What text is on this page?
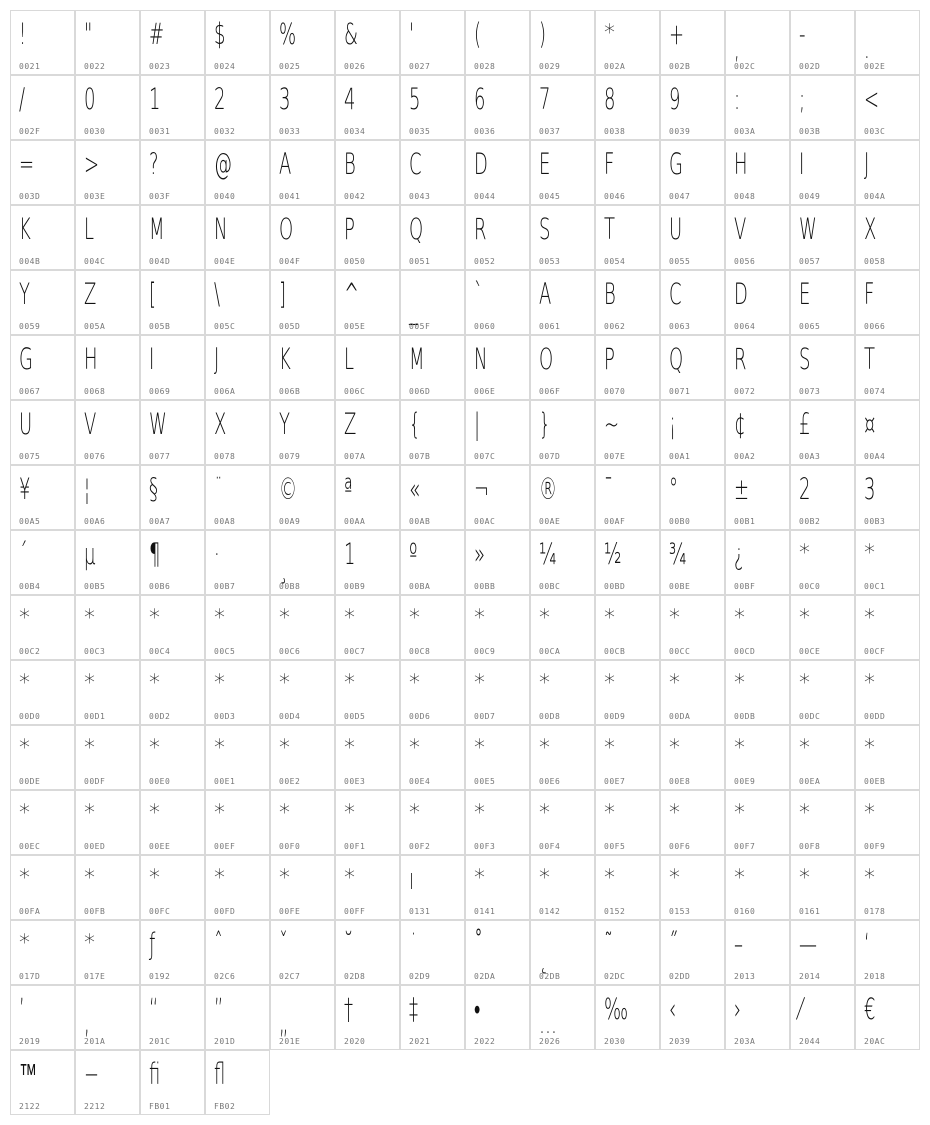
!
0021
"
0022
#
0023
$
0024
%
0025
&
0026
'
0027
(
0028
)
0029
*
002A
+
002B
,
002C
-
002D
.
002E
/
002F
0
0030
1
0031
2
0032
3
0033
4
0034
5
0035
6
0036
7
0037
8
0038
9
0039
:
003A
;
003B
<
003C
=
003D
>
003E
?
003F
@
0040
A
0041
B
0042
C
0043
D
0044
E
0045
F
0046
G
0047
H
0048
I
0049
J
004A
K
004B
L
004C
M
004D
N
004E
O
004F
P
0050
Q
0051
R
0052
S
0053
T
0054
U
0055
V
0056
W
0057
X
0058
Y
0059
Z
005A
[
005B
\
005C
]
005D
^
005E
_
005F
`
0060
A
0061
B
0062
C
0063
D
0064
E
0065
F
0066
G
0067
H
0068
I
0069
J
006A
K
006B
L
006C
M
006D
N
006E
O
006F
P
0070
Q
0071
R
0072
S
0073
T
0074
U
0075
V
0076
W
0077
X
0078
Y
0079
Z
007A
{
007B
|
007C
}
007D
~
007E
¡
00A1
¢
00A2
£
00A3
¤
00A4
¥
00A5
¦
00A6
§
00A7
¨
00A8
©
00A9
ª
00AA
«
00AB
¬
00AC
®
00AE
¯
00AF
°
00B0
±
00B1
2
00B2
3
00B3
´
00B4
µ
00B5
¶
00B6
·
00B7
¸
00B8
1
00B9
º
00BA
»
00BB
¼
00BC
½
00BD
¾
00BE
¿
00BF
*
00C0
*
00C1
*
00C2
*
00C3
*
00C4
*
00C5
*
00C6
*
00C7
*
00C8
*
00C9
*
00CA
*
00CB
*
00CC
*
00CD
*
00CE
*
00CF
*
00D0
*
00D1
*
00D2
*
00D3
*
00D4
*
00D5
*
00D6
*
00D7
*
00D8
*
00D9
*
00DA
*
00DB
*
00DC
*
00DD
*
00DE
*
00DF
*
00E0
*
00E1
*
00E2
*
00E3
*
00E4
*
00E5
*
00E6
*
00E7
*
00E8
*
00E9
*
00EA
*
00EB
*
00EC
*
00ED
*
00EE
*
00EF
*
00F0
*
00F1
*
00F2
*
00F3
*
00F4
*
00F5
*
00F6
*
00F7
*
00F8
*
00F9
*
00FA
*
00FB
*
00FC
*
00FD
*
00FE
*
00FF
ı
0131
*
0141
*
0142
*
0152
*
0153
*
0160
*
0161
*
0178
*
017D
*
017E
ƒ
0192
ˆ
02C6
ˇ
02C7
˘
02D8
˙
02D9
˚
02DA
˛
02DB
˜
02DC
˝
02DD
–
2013
—
2014
‘
2018
’
2019
‚
201A
“
201C
”
201D
„
201E
†
2020
‡
2021
•
2022
…
2026
‰
2030
‹
2039
›
203A
⁄
2044
€
20AC
™
2122
−
2212
ﬁ
FB01
ﬂ
FB02
